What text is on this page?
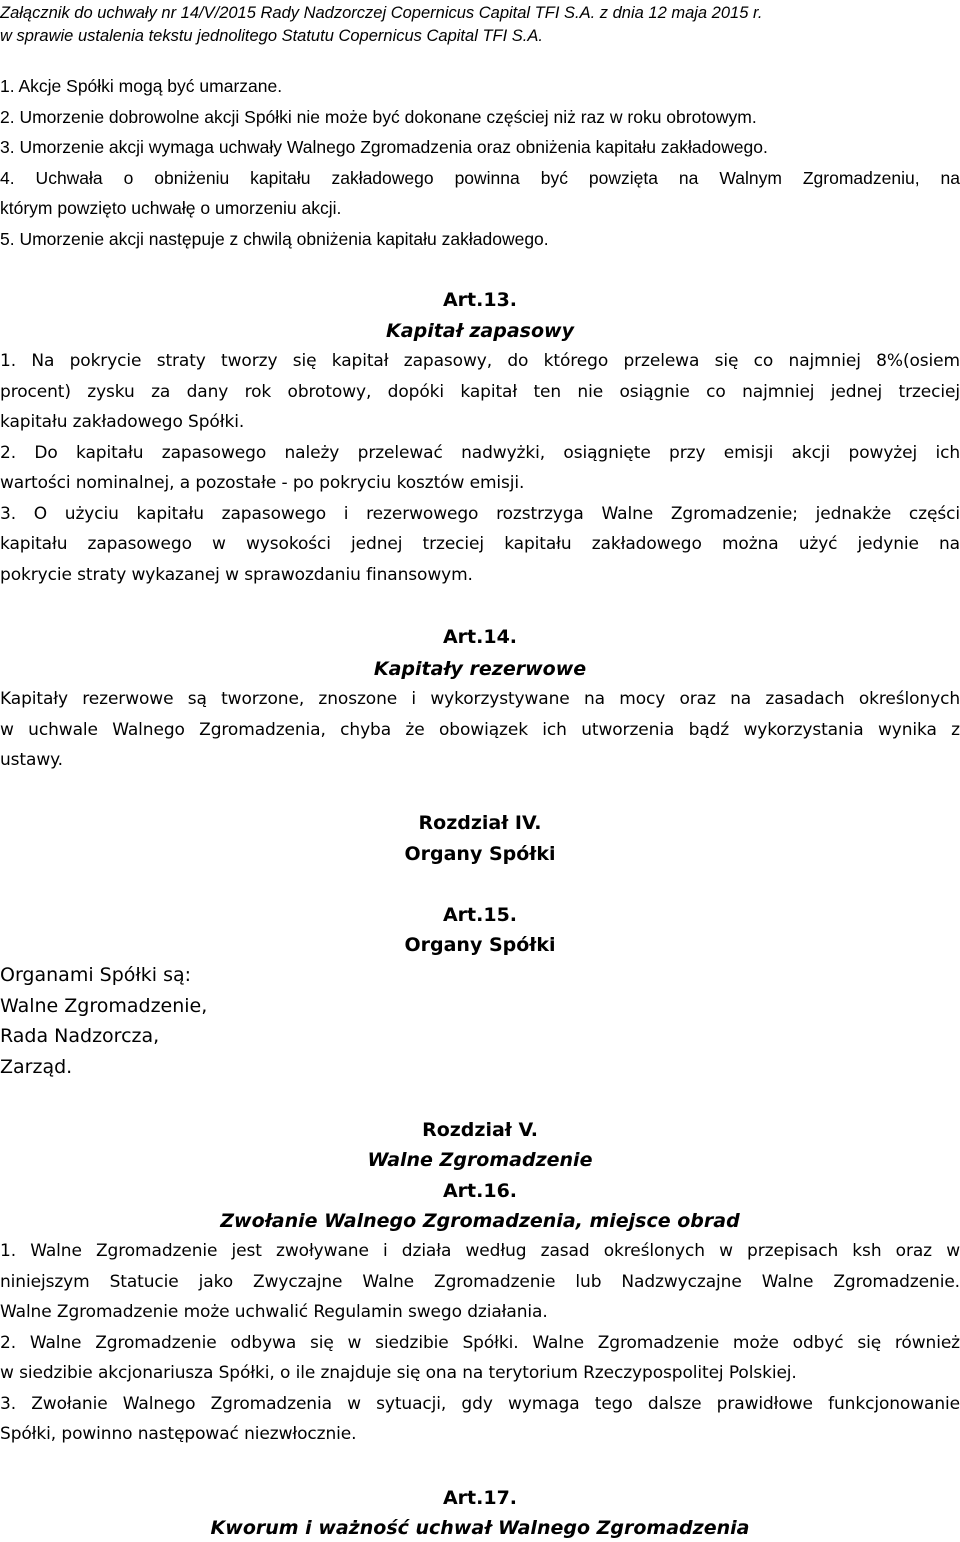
Załącznik do uchwały nr 14/V/2015 Rady Nadzorczej Copernicus Capital TFI S.A. z dnia 12 maja 2015 r.
w sprawie ustalenia tekstu jednolitego Statutu Copernicus Capital TFI S.A.
1. Akcje Spółki mogą być umarzane.
2. Umorzenie dobrowolne akcji Spółki nie może być dokonane częściej niż raz w roku obrotowym.
3. Umorzenie akcji wymaga uchwały Walnego Zgromadzenia oraz obniżenia kapitału zakładowego.
4. Uchwała o obniżeniu kapitału zakładowego powinna być powzięta na Walnym Zgromadzeniu, na
którym powzięto uchwałę o umorzeniu akcji.
5. Umorzenie akcji następuje z chwilą obniżenia kapitału zakładowego.
Art.13.
Kapitał zapasowy
1. Na pokrycie straty tworzy się kapitał zapasowy, do którego przelewa się co najmniej 8%(osiem
procent) zysku za dany rok obrotowy, dopóki kapitał ten nie osiągnie co najmniej jednej trzeciej
kapitału zakładowego Spółki.
2. Do kapitału zapasowego należy przelewać nadwyżki, osiągnięte przy emisji akcji powyżej ich
wartości nominalnej, a pozostałe - po pokryciu kosztów emisji.
3. O użyciu kapitału zapasowego i rezerwowego rozstrzyga Walne Zgromadzenie; jednakże części
kapitału zapasowego w wysokości jednej trzeciej kapitału zakładowego można użyć jedynie na
pokrycie straty wykazanej w sprawozdaniu finansowym.
Art.14.
Kapitały rezerwowe
Kapitały rezerwowe są tworzone, znoszone i wykorzystywane na mocy oraz na zasadach określonych
w uchwale Walnego Zgromadzenia, chyba że obowiązek ich utworzenia bądź wykorzystania wynika z
ustawy.
Rozdział IV.
Organy Spółki
Art.15.
Organy Spółki
Organami Spółki są:
Walne Zgromadzenie,
Rada Nadzorcza,
Zarząd.
Rozdział V.
Walne Zgromadzenie
Art.16.
Zwołanie Walnego Zgromadzenia, miejsce obrad
1. Walne Zgromadzenie jest zwoływane i działa według zasad określonych w przepisach ksh oraz w
niniejszym Statucie jako Zwyczajne Walne Zgromadzenie lub Nadzwyczajne Walne Zgromadzenie.
Walne Zgromadzenie może uchwalić Regulamin swego działania.
2. Walne Zgromadzenie odbywa się w siedzibie Spółki. Walne Zgromadzenie może odbyć się również
w siedzibie akcjonariusza Spółki, o ile znajduje się ona na terytorium Rzeczypospolitej Polskiej.
3. Zwołanie Walnego Zgromadzenia w sytuacji, gdy wymaga tego dalsze prawidłowe funkcjonowanie
Spółki, powinno następować niezwłocznie.
Art.17.
Kworum i ważność uchwał Walnego Zgromadzenia
